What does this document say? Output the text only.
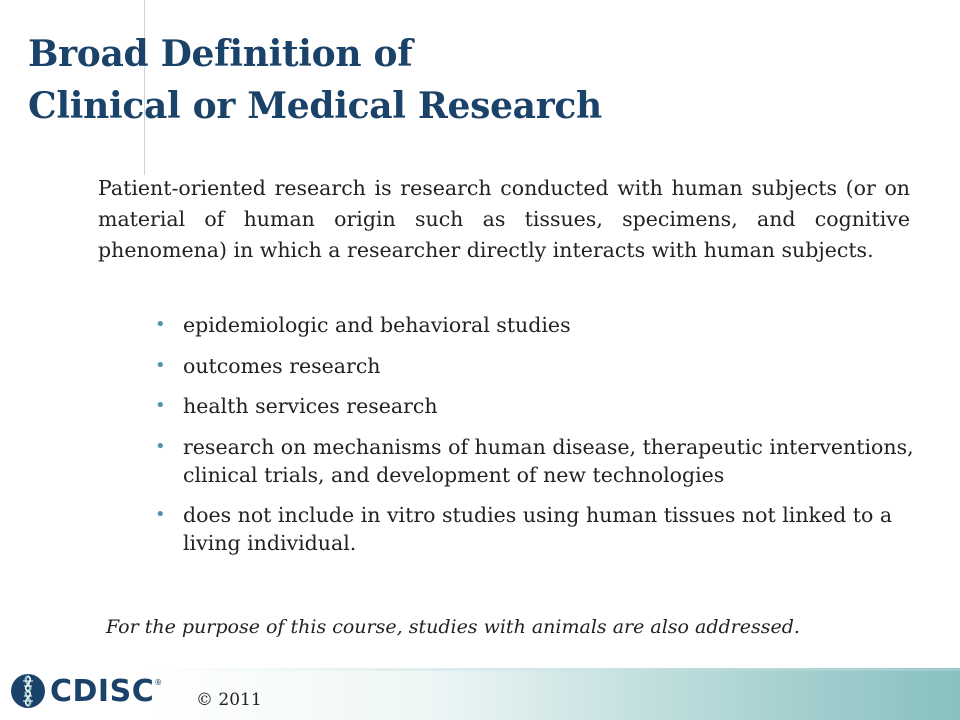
Broad Definition of
Clinical or Medical Research

Patient-oriented research is research conducted with human subjects (or on material of human origin such as tissues, specimens, and cognitive phenomena) in which a researcher directly interacts with human subjects.

• epidemiologic and behavioral studies
• outcomes research
• health services research
• research on mechanisms of human disease, therapeutic interventions, clinical trials, and development of new technologies
• does not include in vitro studies using human tissues not linked to a living individual.

For the purpose of this course, studies with animals are also addressed.

CDISC ®

© 2011
